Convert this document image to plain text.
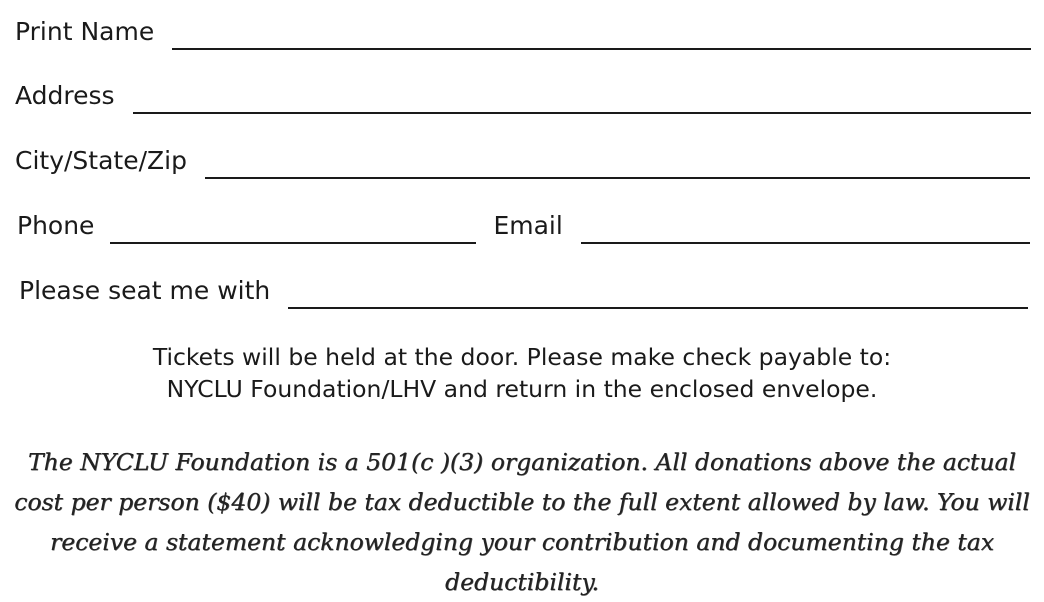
Print Name
Address
City/State/Zip
Phone	Email
Please seat me with
Tickets will be held at the door. Please make check payable to:
NYCLU Foundation/LHV and return in the enclosed envelope.
The NYCLU Foundation is a 501(c )(3) organization. All donations above the actual
cost per person ($40) will be tax deductible to the full extent allowed by law. You will
receive a statement acknowledging your contribution and documenting the tax
deductibility.
